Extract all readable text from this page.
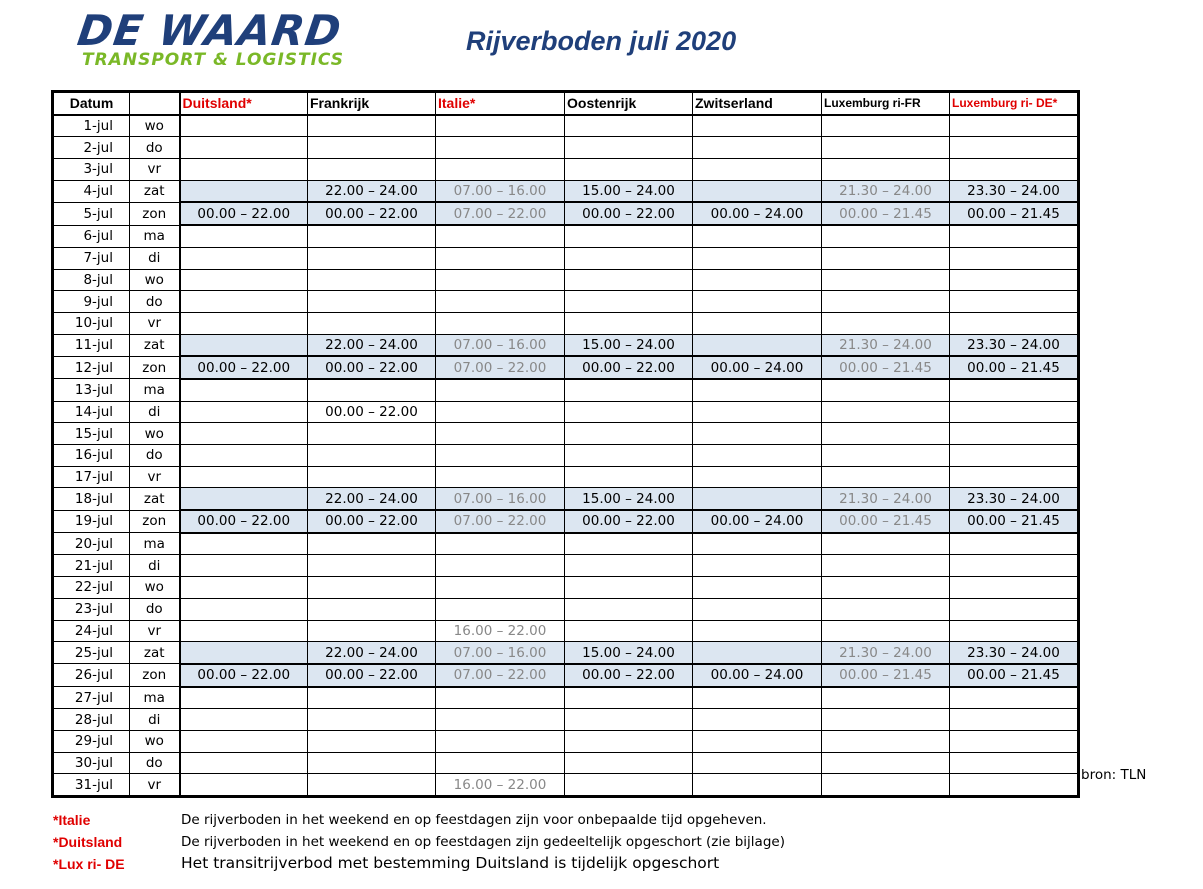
DE WAARD
TRANSPORT & LOGISTICS
Rijverboden juli 2020
Datum		Duitsland*	Frankrijk	Italie*	Oostenrijk	Zwitserland	Luxemburg ri-FR	Luxemburg ri- DE*
1-jul	wo							
2-jul	do							
3-jul	vr							
4-jul	zat		22.00 – 24.00	07.00 – 16.00	15.00 – 24.00		21.30 – 24.00	23.30 – 24.00
5-jul	zon	00.00 – 22.00	00.00 – 22.00	07.00 – 22.00	00.00 – 22.00	00.00 – 24.00	00.00 – 21.45	00.00 – 21.45
6-jul	ma							
7-jul	di							
8-jul	wo							
9-jul	do							
10-jul	vr							
11-jul	zat		22.00 – 24.00	07.00 – 16.00	15.00 – 24.00		21.30 – 24.00	23.30 – 24.00
12-jul	zon	00.00 – 22.00	00.00 – 22.00	07.00 – 22.00	00.00 – 22.00	00.00 – 24.00	00.00 – 21.45	00.00 – 21.45
13-jul	ma							
14-jul	di		00.00 – 22.00					
15-jul	wo							
16-jul	do							
17-jul	vr							
18-jul	zat		22.00 – 24.00	07.00 – 16.00	15.00 – 24.00		21.30 – 24.00	23.30 – 24.00
19-jul	zon	00.00 – 22.00	00.00 – 22.00	07.00 – 22.00	00.00 – 22.00	00.00 – 24.00	00.00 – 21.45	00.00 – 21.45
20-jul	ma							
21-jul	di							
22-jul	wo							
23-jul	do							
24-jul	vr			16.00 – 22.00				
25-jul	zat		22.00 – 24.00	07.00 – 16.00	15.00 – 24.00		21.30 – 24.00	23.30 – 24.00
26-jul	zon	00.00 – 22.00	00.00 – 22.00	07.00 – 22.00	00.00 – 22.00	00.00 – 24.00	00.00 – 21.45	00.00 – 21.45
27-jul	ma							
28-jul	di							
29-jul	wo							
30-jul	do							
31-jul	vr			16.00 – 22.00				
bron: TLN
*Italie	De rijverboden in het weekend en op feestdagen zijn voor onbepaalde tijd opgeheven.
*Duitsland	De rijverboden in het weekend en op feestdagen zijn gedeeltelijk opgeschort (zie bijlage)
*Lux ri- DE	Het transitrijverbod met bestemming Duitsland is tijdelijk opgeschort
